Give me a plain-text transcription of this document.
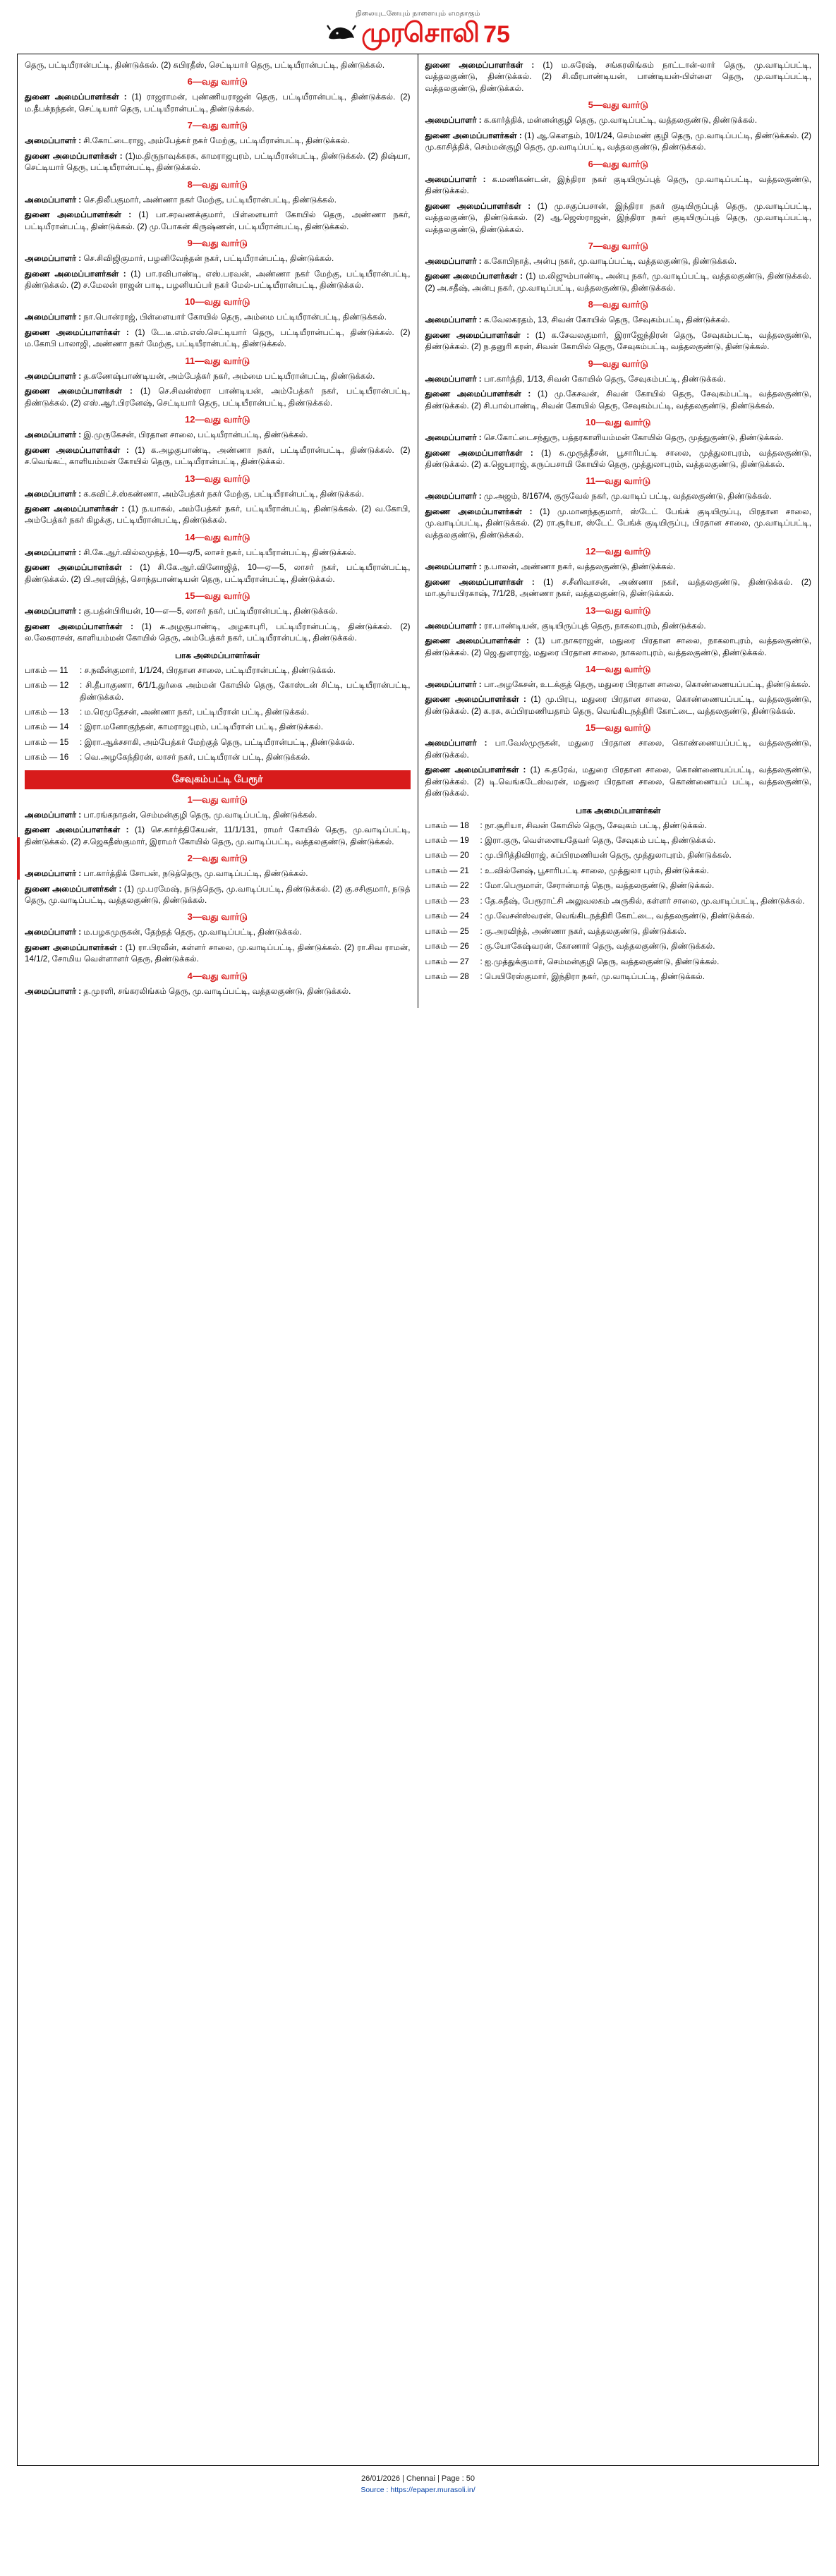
நிலையுடனேயும் நாளையும் எமதாகும்
முரசொலி 75

தெரு, பட்டியீரான்பட்டி, திண்டுக்கல். (2) சுபிரதீஸ், செட்டியார் தெரு, பட்டியீரான்பட்டி, திண்டுக்கல்.

6—வது வார்டு

துணை அமைப்பாளர்கள் : (1) ராஜராமன், புண்ணியராஜன் தெரு, பட்டியீரான்பட்டி, திண்டுக்கல். (2) ம.தீபக்நந்தன், செட்டியார் தெரு, பட்டியீரான்பட்டி, திண்டுக்கல்.

7—வது வார்டு

அமைப்பாளர் : சி.கோட்டைராஜ, அம்பேத்கர் நகர் மேற்கு, பட்டியீரான்பட்டி, திண்டுக்கல்.

துணை அமைப்பாளர்கள் : (1)ம.திருநாவுக்கரசு, காமராஜபுரம், பட்டியீரான்பட்டி, திண்டுக்கல். (2) திஷ்யா, செட்டியார் தெரு, பட்டியீரான்பட்டி, திண்டுக்கல்.

8—வது வார்டு

அமைப்பாளர் : செ.திலீபகுமார், அண்ணா நகர் மேற்கு, பட்டியீரான்பட்டி, திண்டுக்கல்.

துணை அமைப்பாளர்கள் : (1) பா.சரவணக்குமார், பிள்ளையார் கோயில் தெரு, அண்ணா நகர், பட்டியீரான்பட்டி, திண்டுக்கல். (2) மு.போகன் கிருஷ்ணன், பட்டியீரான்பட்டி, திண்டுக்கல்.

9—வது வார்டு

அமைப்பாளர் : செ.சிவிஜிகுமார், பழனிவேந்தன் நகர், பட்டியீரான்பட்டி, திண்டுக்கல்.

துணை அமைப்பாளர்கள் : (1) பா.ரவிபாண்டி, எஸ்.பரவன், அண்ணா நகர் மேற்கு, பட்டியீரான்பட்டி, திண்டுக்கல். (2) ச.மேலன் ராஜன் பாடி, பழனியப்பர் நகர் மேல்-பட்டியீரான்பட்டி, திண்டுக்கல்.

10—வது வார்டு

அமைப்பாளர் : நா.பொன்ராஜ், பிள்ளையார் கோயில் தெரு, அம்மை பட்டியீரான்பட்டி, திண்டுக்கல்.

துணை அமைப்பாளர்கள் : (1) டே.டீ.எம்.எஸ்.செட்டியார் தெரு, பட்டியீரான்பட்டி, திண்டுக்கல். (2) ம.கோபி பாலாஜி, அண்ணா நகர் மேற்கு, பட்டியீரான்பட்டி, திண்டுக்கல்.

11—வது வார்டு

அமைப்பாளர் : த.கணேஷ்பாண்டியன், அம்பேத்கர் நகர், அம்மை பட்டியீரான்பட்டி, திண்டுக்கல்.

துணை அமைப்பாளர்கள் : (1) செ.சிவன்ஸ்ரா பாண்டியன், அம்பேத்கர் நகர், பட்டியீரான்பட்டி, திண்டுக்கல். (2) எஸ்.ஆர்.பிரனேஷ், செட்டியார் தெரு, பட்டியீரான்பட்டி, திண்டுக்கல்.

12—வது வார்டு

அமைப்பாளர் : இ.முருகேசன், பிரதான சாலை, பட்டியீரான்பட்டி, திண்டுக்கல்.

துணை அமைப்பாளர்கள் : (1) க.அழகுபாண்டி, அண்ணா நகர், பட்டியீரான்பட்டி, திண்டுக்கல். (2) ச.வெங்கட், காளியம்மன் கோயில் தெரு, பட்டியீரான்பட்டி, திண்டுக்கல்.

13—வது வார்டு

அமைப்பாளர் : க.கவிட்ச்.ஸ்கண்ணா, அம்பேத்கர் நகர் மேற்கு, பட்டியீரான்பட்டி, திண்டுக்கல்.

துணை அமைப்பாளர்கள் : (1) ந.யாகல், அம்பேத்கர் நகர், பட்டியீரான்பட்டி, திண்டுக்கல். (2) வ.கோபி, அம்பேத்கர் நகர் கிழக்கு, பட்டியீரான்பட்டி, திண்டுக்கல்.

14—வது வார்டு

அமைப்பாளர் : சி.கே.ஆர்.வில்லமுத்த், 10—ஏ/5, லாசர் நகர், பட்டியீரான்பட்டி, திண்டுக்கல்.

துணை அமைப்பாளர்கள் : (1) சி.கே.ஆர்.வினோஜித், 10—ஏ—5, லாசர் நகர், பட்டியீரான்பட்டி, திண்டுக்கல். (2) பி.அரவிந்த், சொந்தபாண்டியன் தெரு, பட்டியீரான்பட்டி, திண்டுக்கல்.

15—வது வார்டு

அமைப்பாளர் : கு.பத்ன்பிரியன், 10—எ—5, லாசர் நகர், பட்டியீரான்பட்டி, திண்டுக்கல்.

துணை அமைப்பாளர்கள் : (1) சு.அழகுபாண்டி, அழகாபுரி, பட்டியீரான்பட்டி, திண்டுக்கல். (2) ல.லேசுராசன், காளியம்மன் கோயில் தெரு, அம்பேத்கர் நகர், பட்டியீரான்பட்டி, திண்டுக்கல்.

பாக அமைப்பாளர்கள்
பாகம் — 11	: ச.நவீன்குமார், 1/1/24, பிரதான சாலை, பட்டியீரான்பட்டி, திண்டுக்கல்.
பாகம் — 12	: சி.தீபாகுணா, 6/1/1,துர்கை அம்மன் கோயில் தெரு, கோஸ்டன் சிட்டி, பட்டியீரான்பட்டி, திண்டுக்கல்.
பாகம் — 13	: ம.ரெமுதேசன், அண்ணா நகர், பட்டியீரான் பட்டி, திண்டுக்கல்.
பாகம் — 14	: இரா.மனோகுந்தன், காமராஜபுரம், பட்டியீரான் பட்டி, திண்டுக்கல்.
பாகம் — 15	: இரா.ஆக்சசாகி, அம்பேத்கர் மேற்குத் தெரு, பட்டியீரான்பட்டி, திண்டுக்கல்.
பாகம் — 16	: வெ.அழகேந்திரன், லாசர் நகர், பட்டியீரான் பட்டி, திண்டுக்கல்.
சேவுகம்பட்டி பேரூர்
1—வது வார்டு

அமைப்பாளர் : பா.ரங்கநாதன், செம்மன்குழி தெரு, மு.வாடிப்பட்டி, திண்டுக்கல்.

துணை அமைப்பாளர்கள் : (1) செ.கார்த்திகேயன், 11/1/131, ராமர் கோயில் தெரு, மு.வாடிப்பட்டி, திண்டுக்கல். (2) ச.ஜெகதீஸ்குமார், இராமர் கோயில் தெரு, மு.வாடிப்பட்டி, வத்தலகுண்டு, திண்டுக்கல்.

2—வது வார்டு

அமைப்பாளர் : பா.கார்த்திக் சோபன், நடுத்தெரு, மு.வாடிப்பட்டி, திண்டுக்கல்.

துணை அமைப்பாளர்கள் : (1) மு.பரமேஷ், நடுத்தெரு, மு.வாடிப்பட்டி, திண்டுக்கல். (2) கு.சசிகுமார், நடுத் தெரு, மு.வாடிப்பட்டி, வத்தலகுண்டு, திண்டுக்கல்.

3—வது வார்டு

அமைப்பாளர் : ம.பழகமுருகன், தேற்தத் தெரு, மு.வாடிப்பட்டி, திண்டுக்கல்.

துணை அமைப்பாளர்கள் : (1) ரா.பிரவீன், கள்ளர் சாலை, மு.வாடிப்பட்டி, திண்டுக்கல். (2) ரா.சிவ ராமன், 14/1/2, சோமிய வெள்ளாளர் தெரு, திண்டுக்கல்.

4—வது வார்டு

அமைப்பாளர் : த.முரளி, சங்கரலிங்கம் தெரு, மு.வாடிப்பட்டி, வத்தலகுண்டு, திண்டுக்கல்.

துணை அமைப்பாளர்கள் : (1) ம.சுரேஷ், சங்கரலிங்கம் நாட்டான்-லார் தெரு, மு.வாடிப்பட்டி, வத்தலகுண்டு, திண்டுக்கல். (2) சி.வீரபாண்டியன், பாண்டியன்-பிள்ளை தெரு, மு.வாடிப்பட்டி, வத்தலகுண்டு, திண்டுக்கல்.

5—வது வார்டு

அமைப்பாளர் : க.கார்த்திக், மன்னன்குழி தெரு, மு.வாடிப்பட்டி, வத்தலகுண்டு, திண்டுக்கல்.

துணை அமைப்பாளர்கள் : (1) ஆ.கௌதம், 10/1/24, செம்மண் குழி தெரு, மு.வாடிப்பட்டி, திண்டுக்கல். (2) மு.காசித்திக், செம்மன்குழி தெரு, மு.வாடிப்பட்டி, வத்தலகுண்டு, திண்டுக்கல்.

6—வது வார்டு

அமைப்பாளர் : க.மணிகண்டன், இந்திரா நகர் குடியிருப்புத் தெரு, மு.வாடிப்பட்டி, வத்தலகுண்டு, திண்டுக்கல்.

துணை அமைப்பாளர்கள் : (1) மு.சகுப்பசான், இந்திரா நகர் குடியிருப்புத் தெரு, மு.வாடிப்பட்டி, வத்தலகுண்டு, திண்டுக்கல். (2) ஆ.ஜெஸ்ராஜன், இந்திரா நகர் குடியிருப்புத் தெரு, மு.வாடிப்பட்டி, வத்தலகுண்டு, திண்டுக்கல்.

7—வது வார்டு

அமைப்பாளர் : க.கோபிநாத், அன்பு நகர், மு.வாடிப்பட்டி, வத்தலகுண்டு, திண்டுக்கல்.

துணை அமைப்பாளர்கள் : (1) ம.லிஜும்பாண்டி, அன்பு நகர், மு.வாடிப்பட்டி, வத்தலகுண்டு, திண்டுக்கல். (2) அ.சதீஷ், அன்பு நகர், மு.வாடிப்பட்டி, வத்தலகுண்டு, திண்டுக்கல்.

8—வது வார்டு

அமைப்பாளர் : க.வேலகரதம், 13, சிவன் கோயில் தெரு, சேவுகம்பட்டி, திண்டுக்கல்.

துணை அமைப்பாளர்கள் : (1) க.சேவலகுமார், இராஜேந்திரன் தெரு, சேவுகம்பட்டி, வத்தலகுண்டு, திண்டுக்கல். (2) ந.தனுரி கரன், சிவன் கோயில் தெரு, சேவுகம்பட்டி, வத்தலகுண்டு, திண்டுக்கல்.

9—வது வார்டு

அமைப்பாளர் : பா.கார்த்தி, 1/13, சிவன் கோயில் தெரு, சேவுகம்பட்டி, திண்டுக்கல்.

துணை அமைப்பாளர்கள் : (1) மு.கேசவன், சிவன் கோயில் தெரு, சேவுகம்பட்டி, வத்தலகுண்டு, திண்டுக்கல். (2) சி.பால்பாண்டி, சிவன் கோயில் தெரு, சேவுகம்பட்டி, வத்தலகுண்டு, திண்டுக்கல்.

10—வது வார்டு

அமைப்பாளர் : செ.கோட்டைசந்துரு, பத்தரகாளியம்மன் கோயில் தெரு, முத்துகுண்டு, திண்டுக்கல்.

துணை அமைப்பாளர்கள் : (1) சு.முருத்தீசன், பூசாரிபட்டி சாலை, முத்துலாபுரம், வத்தலகுண்டு, திண்டுக்கல். (2) க.ஜெயராஜ், கருப்பசாமி கோயில் தெரு, முத்துலாபுரம், வத்தலகுண்டு, திண்டுக்கல்.

11—வது வார்டு

அமைப்பாளர் : மு.அஜம், 8/167/4, குருவேல் நகர், மு.வாடிப் பட்டி, வத்தலகுண்டு, திண்டுக்கல்.

துணை அமைப்பாளர்கள் : (1) மு.மானந்தகுமார், ஸ்டேட் பேங்க் குடியிருப்பு, பிரதான சாலை, மு.வாடிப்பட்டி, திண்டுக்கல். (2) ரா.சூர்யா, ஸ்டேட் பேங்க் குடியிருப்பு, பிரதான சாலை, மு.வாடிப்பட்டி, வத்தலகுண்டு, திண்டுக்கல்.

12—வது வார்டு

அமைப்பாளர் : ந.பாலன், அண்ணா நகர், வத்தலகுண்டு, திண்டுக்கல்.

துணை அமைப்பாளர்கள் : (1) ச.சீனிவாசன், அண்ணா நகர், வத்தலகுண்டு, திண்டுக்கல். (2) மா.சூர்யபிரகாஷ், 7/1/28, அண்ணா நகர், வத்தலகுண்டு, திண்டுக்கல்.

13—வது வார்டு

அமைப்பாளர் : ரா.பாண்டியன், குடியிருப்புத் தெரு, நாகலாபுரம், திண்டுக்கல்.

துணை அமைப்பாளர்கள் : (1) பா.நாகராஜன், மதுரை பிரதான சாலை, நாகலாபுரம், வத்தலகுண்டு, திண்டுக்கல். (2) ஜெ.துளராஜ், மதுரை பிரதான சாலை, நாகலாபுரம், வத்தலகுண்டு, திண்டுக்கல்.

14—வது வார்டு

அமைப்பாளர் : பா.அழகேசன், உடக்குத் தெரு, மதுரை பிரதான சாலை, கொண்ணையப்பட்டி, திண்டுக்கல்.

துணை அமைப்பாளர்கள் : (1) மு.பிரபு, மதுரை பிரதான சாலை, கொண்ணையப்பட்டி, வத்தலகுண்டு, திண்டுக்கல். (2) க.ரசு, சுப்பிரமணியதாம் தெரு, வெங்கிடநத்திரி கோட்டை, வத்தலகுண்டு, திண்டுக்கல்.

15—வது வார்டு

அமைப்பாளர் : பா.வேல்முருகன், மதுரை பிரதான சாலை, கொண்ணையப்பட்டி, வத்தலகுண்டு, திண்டுக்கல்.

துணை அமைப்பாளர்கள் : (1) சு.தரேவ், மதுரை பிரதான சாலை, கொண்ணையப்பட்டி, வத்தலகுண்டு, திண்டுக்கல். (2) டி.வெங்கடேஸ்வரன், மதுரை பிரதான சாலை, கொண்ணையப் பட்டி, வத்தலகுண்டு, திண்டுக்கல்.

பாக அமைப்பாளர்கள்
பாகம் — 18	: நா.சூரியா, சிவன் கோயில் தெரு, சேவுகம் பட்டி, திண்டுக்கல்.
பாகம் — 19	: இரா.குரு, வெள்ளையதேவர் தெரு, சேவுகம் பட்டி, திண்டுக்கல்.
பாகம் — 20	: மு.பிரித்திவிராஜ், சுப்பிரமணியன் தெரு, முத்துலாபுரம், திண்டுக்கல்.
பாகம் — 21	: உ.வில்னேஷ், பூசாரிபட்டி சாலை, முத்துலா புரம், திண்டுக்கல்.
பாகம் — 22	: மோ.பெருமாள், சேரான்மாத் தெரு, வத்தலகுண்டு, திண்டுக்கல்.
பாகம் — 23	: தே.சுதீஷ், பேரூராட்சி அலுவலகம் அருகில், கள்ளர் சாலை, மு.வாடிப்பட்டி, திண்டுக்கல்.
பாகம் — 24	: மு.வேசன்ஸ்வரன், வெங்கிடநத்திரி கோட்டை, வத்தலகுண்டு, திண்டுக்கல்.
பாகம் — 25	: கு.அரவிந்த், அண்ணா நகர், வத்தலகுண்டு, திண்டுக்கல்.
பாகம் — 26	: கு.யோகேஷ்வரன், கோணார் தெரு, வத்தலகுண்டு, திண்டுக்கல்.
பாகம் — 27	: ஐ.முத்துக்குமார், செம்மன்குழி தெரு, வத்தலகுண்டு, திண்டுக்கல்.
பாகம் — 28	: பெயிரேஸ்குமார், இந்திரா நகர், மு.வாடிப்பட்டி, திண்டுக்கல்.
26/01/2026 | Chennai | Page : 50
Source : https://epaper.murasoli.in/
